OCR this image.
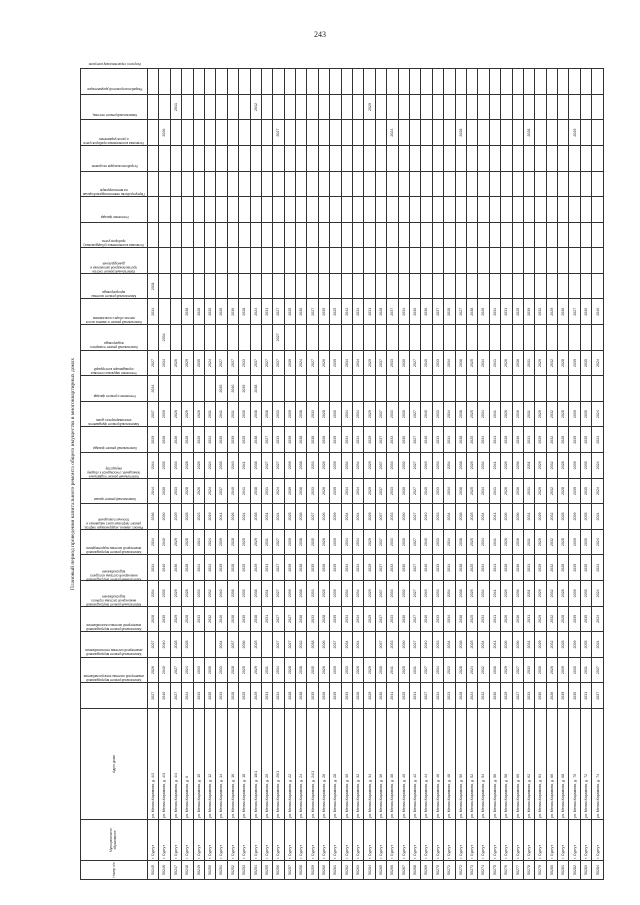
243
Плановый период проведения капитального ремонта общего имущества в многоквартирных домах
Номер п/п	Муниципальное образование	Адрес дома	Капитальный ремонт внутридомовой инженерной системы электроснабжения	Капитальный ремонт внутридомовой инженерной системы теплоснабжения	Капитальный ремонт внутридомовой инженерной системы газоснабжения	Капитальный ремонт внутридомовой инженерной системы горячего водоснабжения	Капитальный ремонт внутридомовой инженерной системы холодного водоснабжения	Капитальный ремонт внутридомовой инженерной системы водоотведения	Ремонт, замена, модернизация лифтов, ремонт лифтовых шахт, машинных и блочных помещений	Капитальный ремонт крыши	Капитальный ремонт подвальных помещений, относящихся к общему имуществу	Капитальный ремонт фасада	Капитальный ремонт фундамента многоквартирного дома	Утепление и ремонт фасада	Утепление наружных стеновых ограждающих конструкций	Капитальный ремонт пожарного водопровода	Капитальный ремонт и замена окон в местах общего пользования	Капитальный ремонт системы мусоропровода	Капитальный ремонт систем противопожарной автоматики и дымоудаления	Установка коллективных (общедомовых) приборов учета	Утепление фасада	Переустройство невентилируемой крыши на вентилируемую	Устройство выходов на кровлю	Установка коллективных приборов учета и узлов управления	Капитальный ремонт лестниц	Разработка проектной документации	Услуги по строительному контролю
50245	г. Сургут	ул. Мелик-Карамова, д. 4/2	2027	2026	2027	2028	2034	2034	2034	2036	2044	2044	2029	2037	2034	2027		2034	2031								
50246	г. Сургут	ул. Мелик-Карамова, д. 4/3	2040	2040	2040	2035	2035	2040	2040	2030	2030	2035	2026	2039		2034	2034								2026		
50247	г. Сургут	ул. Мелик-Карамова, д. 4/4	2027	2027	2028	2029	2029	2036	2029	2029	2033	2033	2026	2026		2026										2041	
50248	г. Сургут	ул. Мелик-Карамова, д. 6	2024	2024	2028	2028	2028	2028	2028	2028	2028	2028	2028	2029		2029		2038									
50249	г. Сургут	ул. Мелик-Карамова, д. 10	2033	2033		2033	2033	2024	2024	2023	2026	2026	2026	2026		2035		2028									
50250	г. Сургут	ул. Мелик-Карамова, д. 12	2035	2035		2032	2032	2024	2024	2019	2024	2024	2024	2031		2024		2020									
50251	г. Сургут	ул. Мелик-Карамова, д. 14	2033	2033	2034	2040	2040	2039	2039	2041	2037	2035	2035	2041	2035	2027		2026									
50252	г. Сургут	ул. Мелик-Карамова, д. 16	2028	2028	2037	2038	2038	2028	2028	2026	2040	2040	2039	2031	2040	2037		2036									
50253	г. Сургут	ул. Мелик-Карамова, д. 18	2025	2025	2036	2035	2035	2025	2025	2024	2041	2041	2025	2035	2035	2033		2028									
50254	г. Сургут	ул. Мелик-Карамова, д. 18/1	2029	2029	2025	2038	2038	2029	2029	2038	2038	2038	2038	2038	2038	2037		2024								2042	
50255	г. Сургут	ул. Мелик-Карамова, д. 20	2031	2031		2031	2031	2031	2031	2031	2031	2027	2027	2038		2027		2031									
50256	г. Сургут	ул. Мелик-Карамова, д. 20/1	2034	2034	2027	2027	2027	2027	2027	2024	2024	2027	2033	2033		2037	2027	2027							2027		
50257	г. Сургут	ул. Мелик-Карамова, д. 22	2028	2028	2027	2027	2039	2039	2039	2025	2039	2039	2039	2039		2039		2025									
50258	г. Сургут	ул. Мелик-Карамова, д. 24	2038	2038	2032	2038	2038	2038	2038	2038	2038	2038	2038	2038		2024		2030									
50259	г. Сургут	ул. Мелик-Карамова, д. 24/1	2035	2035	2038	2033	2033	2035	2035	2027	2033	2033	2038	2033		2027		2027									
50260	г. Сургут	ул. Мелик-Карамова, д. 26	2026	2026	2026	2028	2028	2026	2026	2026	2026	2026	2026	2028		2026		2035									
50261	г. Сургут	ул. Мелик-Карамова, д. 28	2039	2039	2037	2039	2039	2039	2039	2039	2039	2039	2039	2035		2039		2025									
50262	г. Сургут	ул. Мелик-Карамова, д. 30	2033	2033	2034	2034	2034	2034	2034	2034	2034	2034	2034	2034		2034		2042									
50263	г. Сургут	ул. Мелик-Карамова, д. 32	2026	2026	2034	2034	2034	2034	2034	2034	2034	2034	2034	2034		2034		2034									
50264	г. Сургут	ул. Мелик-Карамова, д. 34	2029	2029		2029	2029	2029	2029	2029	2029	2029	2029	2029		2029		2031								2029	
50265	г. Сургут	ул. Мелик-Карамова, д. 36	2030	2030	2037	2037	2037	2037	2037	2037	2037	2037	2037	2037		2037		2028									
50266	г. Сургут	ул. Мелик-Карамова, д. 38	2041	2041	2033	2033	2033	2033	2033	2033	2033	2033	2033	2033		2033		2037							2024		
50267	г. Сургут	ул. Мелик-Карамова, д. 40	2025	2025	2030	2030	2030	2030	2030	2030	2030	2030	2030	2030		2030		2034									
50268	г. Сургут	ул. Мелик-Карамова, д. 42	2031	2031	2027	2027	2027	2027	2027	2027	2027	2027	2027	2027		2027		2030									
50269	г. Сургут	ул. Мелик-Карамова, д. 44	2027	2027	2040	2040	2040	2040	2040	2040	2040	2040	2040	2040		2040		2036									
50270	г. Сургут	ул. Мелик-Карамова, д. 46	2034	2034	2033	2033	2033	2033	2033	2033	2033	2033	2033	2033		2033		2037									
50271	г. Сургут	ул. Мелик-Карамова, д. 48	2023	2023	2034	2034	2034	2034	2034	2034	2034	2034	2034	2034		2034		2028									
50272	г. Сургут	ул. Мелик-Карамова, д. 50	2028	2028	2038	2038	2038	2038	2038	2038	2038	2038	2038	2038		2038		2027							2028		
50273	г. Сургут	ул. Мелик-Карамова, д. 52	2024	2024	2025	2025	2025	2025	2025	2025	2025	2025	2025	2025		2025		2038									
50274	г. Сургут	ул. Мелик-Карамова, д. 54	2032	2032	2034	2034	2034	2034	2034	2034	2034	2034	2034	2034		2034		2026									
50275	г. Сургут	ул. Мелик-Карамова, д. 56	2036	2036	2041	2041	2041	2041	2041	2041	2041	2041	2041	2041		2041		2034									
50276	г. Сургут	ул. Мелик-Карамова, д. 58	2029	2029	2026	2026	2026	2026	2026	2026	2026	2026	2026	2026		2026		2031									
50277	г. Сургут	ул. Мелик-Карамова, д. 60	2027	2027	2036	2036	2036	2036	2036	2036	2036	2036	2036	2036		2036		2025									
50278	г. Сургут	ул. Мелик-Карамова, д. 62	2033	2033	2031	2031	2031	2031	2031	2031	2031	2031	2031	2031		2031		2039							2028		
50279	г. Сургут	ул. Мелик-Карамова, д. 64	2030	2030	2029	2029	2029	2029	2029	2029	2029	2029	2029	2029		2029		2032									
50280	г. Сургут	ул. Мелик-Карамова, д. 66	2026	2026	2032	2032	2032	2032	2032	2032	2032	2032	2032	2032		2032		2029									
50281	г. Сургут	ул. Мелик-Карамова, д. 68	2039	2039	2028	2028	2028	2028	2028	2028	2028	2028	2028	2028		2028		2036									
50282	г. Сургут	ул. Мелик-Карамова, д. 70	2035	2035	2039	2039	2039	2039	2039	2039	2039	2039	2039	2039		2039		2027							2029		
50283	г. Сургут	ул. Мелик-Карамова, д. 72	2031	2031	2035	2035	2035	2035	2035	2035	2035	2035	2035	2035		2035		2030									
50284	г. Сургут	ул. Мелик-Карамова, д. 74	2037	2037	2024	2024	2024	2024	2024	2024	2024	2024	2024	2024		2024		2040									
